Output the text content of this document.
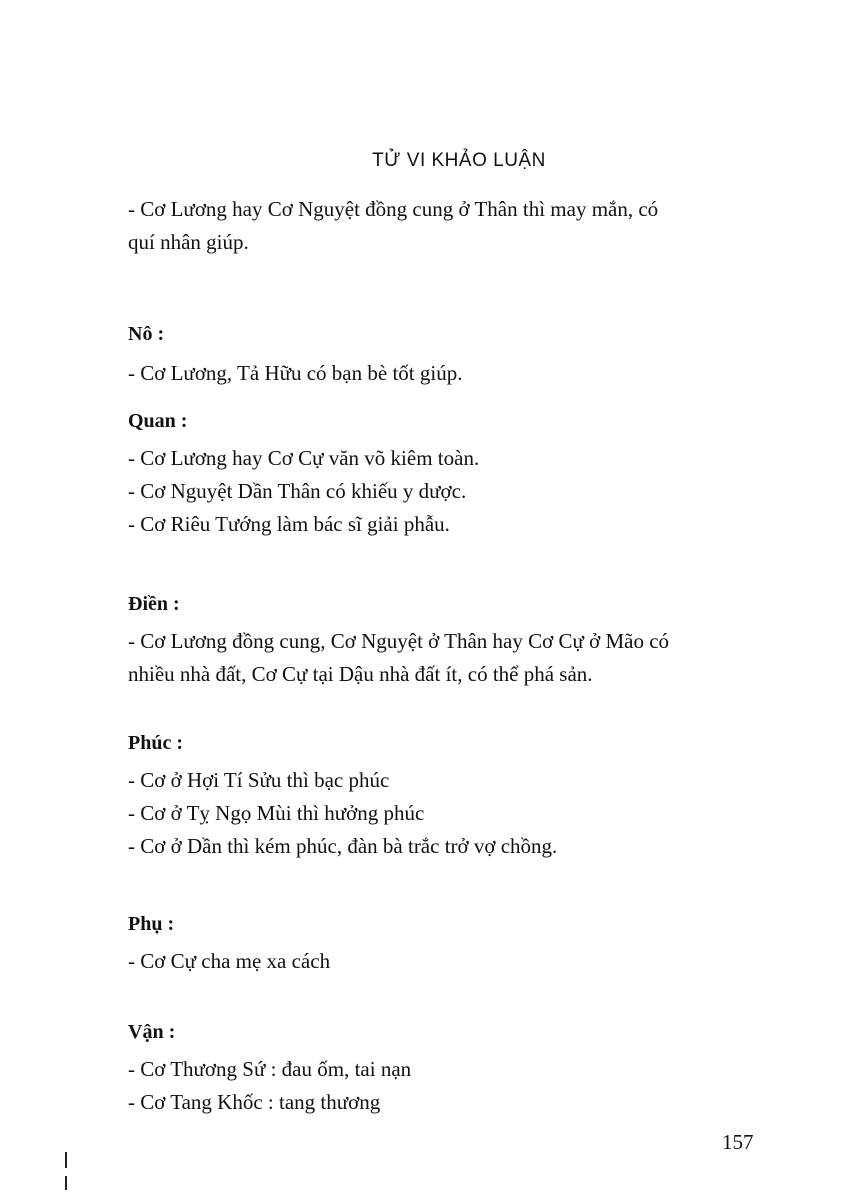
TỬ VI KHẢO LUẬN
- Cơ Lương hay Cơ Nguyệt đồng cung ở Thân thì may mắn, có
quí nhân giúp.
Nô :
- Cơ Lương, Tả Hữu có bạn bè tốt giúp.
Quan :
- Cơ Lương hay Cơ Cự văn võ kiêm toàn.
- Cơ Nguyệt Dần Thân có khiếu y dược.
- Cơ Riêu Tướng làm bác sĩ giải phẫu.
Điền :
- Cơ Lương đồng cung, Cơ Nguyệt ở Thân hay Cơ Cự ở Mão có
nhiều nhà đất, Cơ Cự tại Dậu nhà đất ít, có thể phá sản.
Phúc :
- Cơ ở Hợi Tí Sửu thì bạc phúc
- Cơ ở Tỵ Ngọ Mùi thì hưởng phúc
- Cơ ở Dần thì kém phúc, đàn bà trắc trở vợ chồng.
Phụ :
- Cơ Cự cha mẹ xa cách
Vận :
- Cơ Thương Sứ : đau ốm, tai nạn
- Cơ Tang Khốc : tang thương
157
